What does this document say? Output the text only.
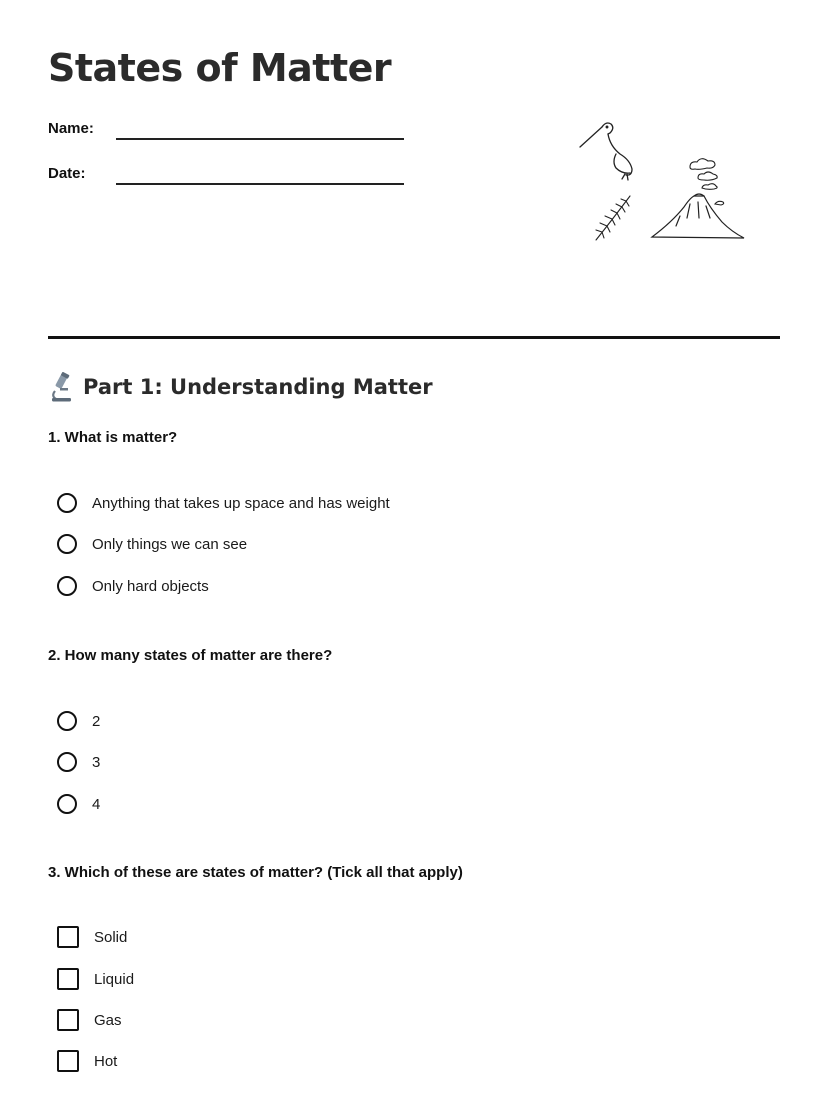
States of Matter
Name:
Date:
Part 1: Understanding Matter
1. What is matter?
Anything that takes up space and has weight
Only things we can see
Only hard objects
2. How many states of matter are there?
2
3
4
3. Which of these are states of matter? (Tick all that apply)
Solid
Liquid
Gas
Hot
